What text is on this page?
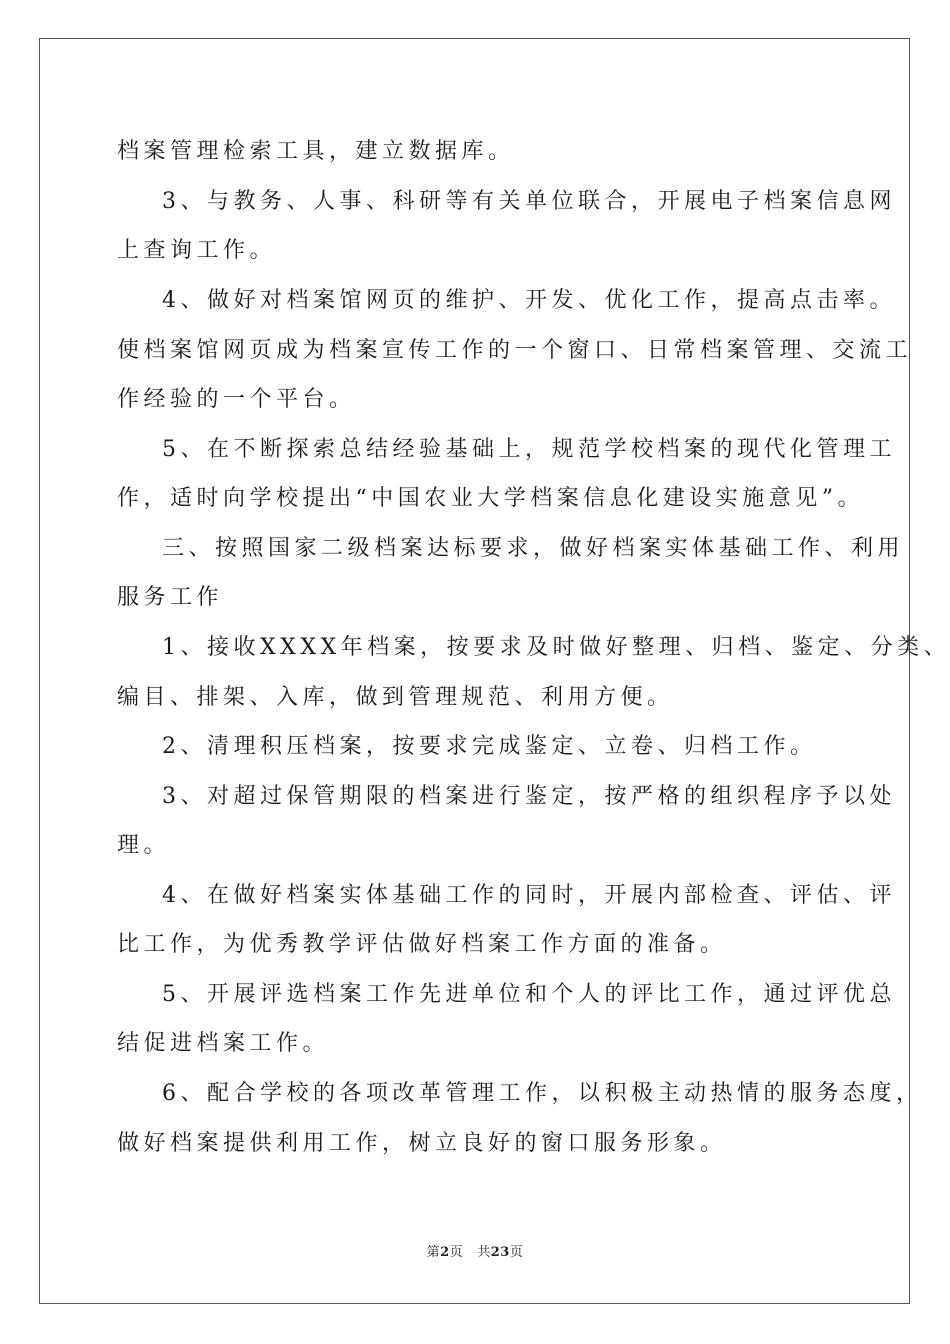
档案管理检索工具，建立数据库。

3、与教务、人事、科研等有关单位联合，开展电子档案信息网

上查询工作。

4、做好对档案馆网页的维护、开发、优化工作，提高点击率。

使档案馆网页成为档案宣传工作的一个窗口、日常档案管理、交流工

作经验的一个平台。

5、在不断探索总结经验基础上，规范学校档案的现代化管理工

作，适时向学校提出“中国农业大学档案信息化建设实施意见”。

三、按照国家二级档案达标要求，做好档案实体基础工作、利用

服务工作

1、接收XXXX年档案，按要求及时做好整理、归档、鉴定、分类、

编目、排架、入库，做到管理规范、利用方便。

2、清理积压档案，按要求完成鉴定、立卷、归档工作。

3、对超过保管期限的档案进行鉴定，按严格的组织程序予以处

理。

4、在做好档案实体基础工作的同时，开展内部检查、评估、评

比工作，为优秀教学评估做好档案工作方面的准备。

5、开展评选档案工作先进单位和个人的评比工作，通过评优总

结促进档案工作。

6、配合学校的各项改革管理工作，以积极主动热情的服务态度，

做好档案提供利用工作，树立良好的窗口服务形象。

第2页 共23页
